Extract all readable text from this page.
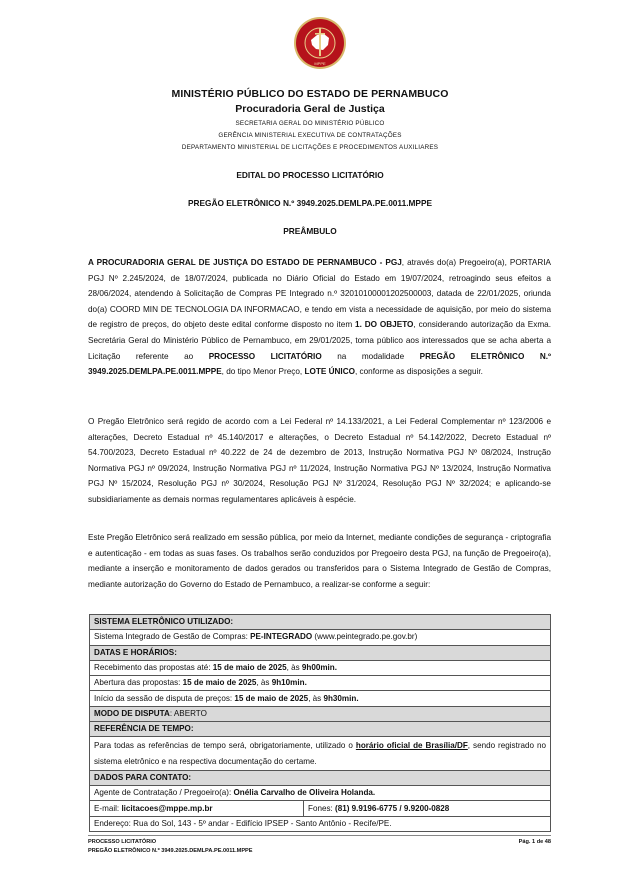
MPPE
MINISTÉRIO PÚBLICO DO ESTADO DE PERNAMBUCO
Procuradoria Geral de Justiça
SECRETARIA GERAL DO MINISTÉRIO PÚBLICO
GERÊNCIA MINISTERIAL EXECUTIVA DE CONTRATAÇÕES
DEPARTAMENTO MINISTERIAL DE LICITAÇÕES E PROCEDIMENTOS AUXILIARES
EDITAL DO PROCESSO LICITATÓRIO
PREGÃO ELETRÔNICO N.º 3949.2025.DEMLPA.PE.0011.MPPE
PREÂMBULO
A PROCURADORIA GERAL DE JUSTIÇA DO ESTADO DE PERNAMBUCO - PGJ, através do(a) Pregoeiro(a), PORTARIA PGJ Nº 2.245/2024, de 18/07/2024, publicada no Diário Oficial do Estado em 19/07/2024, retroagindo seus efeitos a 28/06/2024, atendendo à Solicitação de Compras PE Integrado n.º 32010100001202500003, datada de 22/01/2025, oriunda do(a) COORD MIN DE TECNOLOGIA DA INFORMACAO, e tendo em vista a necessidade de aquisição, por meio do sistema de registro de preços, do objeto deste edital conforme disposto no item 1. DO OBJETO, considerando autorização da Exma. Secretária Geral do Ministério Público de Pernambuco, em 29/01/2025, torna público aos interessados que se acha aberta a Licitação referente ao PROCESSO LICITATÓRIO na modalidade PREGÃO ELETRÔNICO N.º 3949.2025.DEMLPA.PE.0011.MPPE, do tipo Menor Preço, LOTE ÚNICO, conforme as disposições a seguir.
O Pregão Eletrônico será regido de acordo com a Lei Federal nº 14.133/2021, a Lei Federal Complementar nº 123/2006 e alterações, Decreto Estadual nº 45.140/2017 e alterações, o Decreto Estadual nº 54.142/2022, Decreto Estadual nº 54.700/2023, Decreto Estadual nº 40.222 de 24 de dezembro de 2013, Instrução Normativa PGJ Nº 08/2024, Instrução Normativa PGJ nº 09/2024, Instrução Normativa PGJ nº 11/2024, Instrução Normativa PGJ Nº 13/2024, Instrução Normativa PGJ Nº 15/2024, Resolução PGJ nº 30/2024, Resolução PGJ Nº 31/2024, Resolução PGJ Nº 32/2024; e aplicando-se subsidiariamente as demais normas regulamentares aplicáveis à espécie.
Este Pregão Eletrônico será realizado em sessão pública, por meio da Internet, mediante condições de segurança - criptografia e autenticação - em todas as suas fases. Os trabalhos serão conduzidos por Pregoeiro desta PGJ, na função de Pregoeiro(a), mediante a inserção e monitoramento de dados gerados ou transferidos para o Sistema Integrado de Gestão de Compras, mediante autorização do Governo do Estado de Pernambuco, a realizar-se conforme a seguir:
SISTEMA ELETRÔNICO UTILIZADO:
Sistema Integrado de Gestão de Compras: PE-INTEGRADO (www.peintegrado.pe.gov.br)
DATAS E HORÁRIOS:
Recebimento das propostas até: 15 de maio de 2025, às 9h00min.
Abertura das propostas: 15 de maio de 2025, às 9h10min.
Início da sessão de disputa de preços: 15 de maio de 2025, às 9h30min.
MODO DE DISPUTA: ABERTO
REFERÊNCIA DE TEMPO:
Para todas as referências de tempo será, obrigatoriamente, utilizado o horário oficial de Brasília/DF, sendo registrado no sistema eletrônico e na respectiva documentação do certame.
DADOS PARA CONTATO:
Agente de Contratação / Pregoeiro(a): Onélia Carvalho de Oliveira Holanda.
E-mail: licitacoes@mppe.mp.br	Fones: (81) 9.9196-6775 / 9.9200-0828
Endereço: Rua do Sol, 143 - 5º andar - Edifício IPSEP - Santo Antônio - Recife/PE.
PROCESSO LICITATÓRIO
PREGÃO ELETRÔNICO N.º 3949.2025.DEMLPA.PE.0011.MPPE
Pág. 1 de 48
